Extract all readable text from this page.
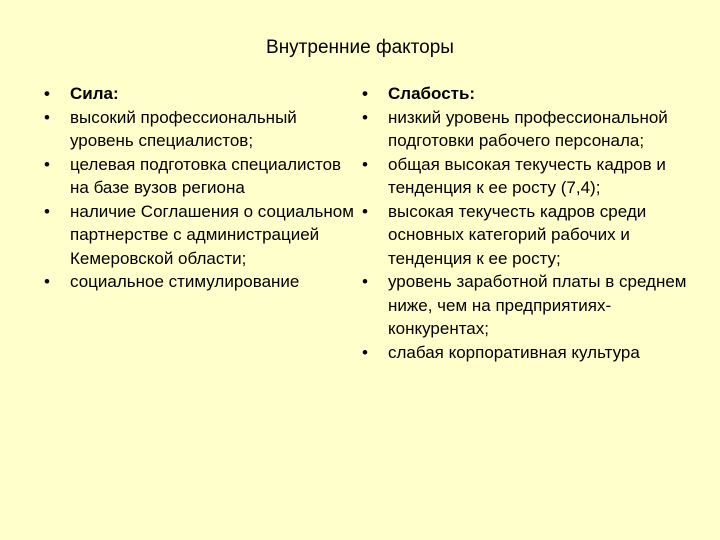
Внутренние факторы
• Сила:
• высокий профессиональный уровень специалистов;
• целевая подготовка специалистов на базе вузов региона
• наличие Соглашения о социальном партнерстве с администрацией Кемеровской области;
• социальное стимулирование
• Слабость:
• низкий уровень профессиональной подготовки рабочего персонала;
• общая высокая текучесть кадров и тенденция к ее росту (7,4);
• высокая текучесть кадров среди основных категорий рабочих и тенденция к ее росту;
• уровень заработной платы в среднем ниже, чем на предприятиях-конкурентах;
• слабая корпоративная культура
